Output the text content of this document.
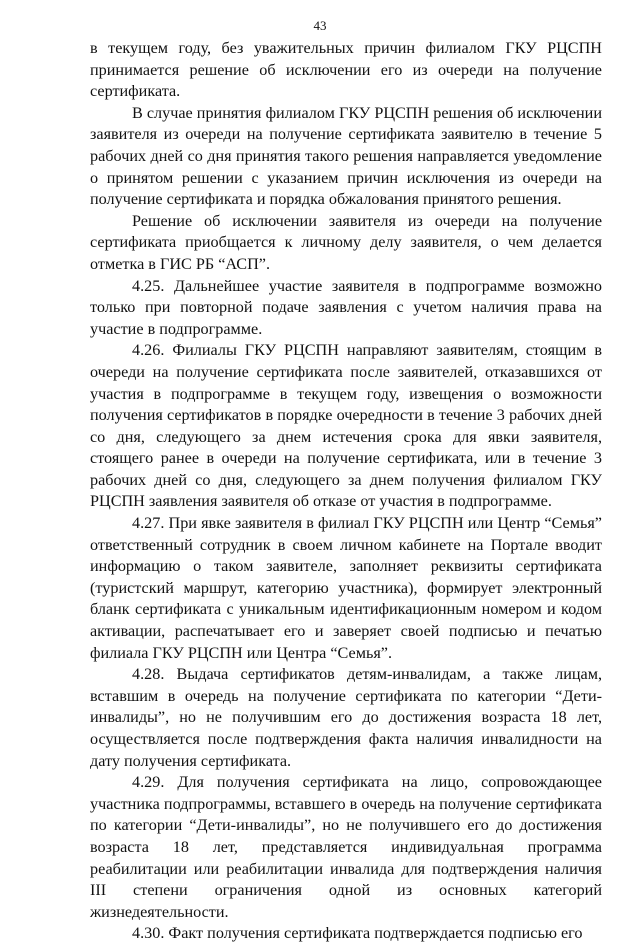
43

в текущем году, без уважительных причин филиалом ГКУ РЦСПН принимается решение об исключении его из очереди на получение сертификата.

В случае принятия филиалом ГКУ РЦСПН решения об исключении заявителя из очереди на получение сертификата заявителю в течение 5 рабочих дней со дня принятия такого решения направляется уведомление о принятом решении с указанием причин исключения из очереди на получение сертификата и порядка обжалования принятого решения.

Решение об исключении заявителя из очереди на получение сертификата приобщается к личному делу заявителя, о чем делается отметка в ГИС РБ “АСП”.

4.25. Дальнейшее участие заявителя в подпрограмме возможно только при повторной подаче заявления с учетом наличия права на участие в подпрограмме.

4.26. Филиалы ГКУ РЦСПН направляют заявителям, стоящим в очереди на получение сертификата после заявителей, отказавшихся от участия в подпрограмме в текущем году, извещения о возможности получения сертификатов в порядке очередности в течение 3 рабочих дней со дня, следующего за днем истечения срока для явки заявителя, стоящего ранее в очереди на получение сертификата, или в течение 3 рабочих дней со дня, следующего за днем получения филиалом ГКУ РЦСПН заявления заявителя об отказе от участия в подпрограмме.

4.27. При явке заявителя в филиал ГКУ РЦСПН или Центр “Семья” ответственный сотрудник в своем личном кабинете на Портале вводит информацию о таком заявителе, заполняет реквизиты сертификата (туристский маршрут, категорию участника), формирует электронный бланк сертификата с уникальным идентификационным номером и кодом активации, распечатывает его и заверяет своей подписью и печатью филиала ГКУ РЦСПН или Центра “Семья”.

4.28. Выдача сертификатов детям-инвалидам, а также лицам, вставшим в очередь на получение сертификата по категории “Дети-инвалиды”, но не получившим его до достижения возраста 18 лет, осуществляется после подтверждения факта наличия инвалидности на дату получения сертификата.

4.29. Для получения сертификата на лицо, сопровождающее участника подпрограммы, вставшего в очередь на получение сертификата по категории “Дети-инвалиды”, но не получившего его до достижения возраста 18 лет, представляется индивидуальная программа реабилитации или реабилитации инвалида для подтверждения наличия III степени ограничения одной из основных категорий жизнедеятельности.

4.30. Факт получения сертификата подтверждается подписью его
